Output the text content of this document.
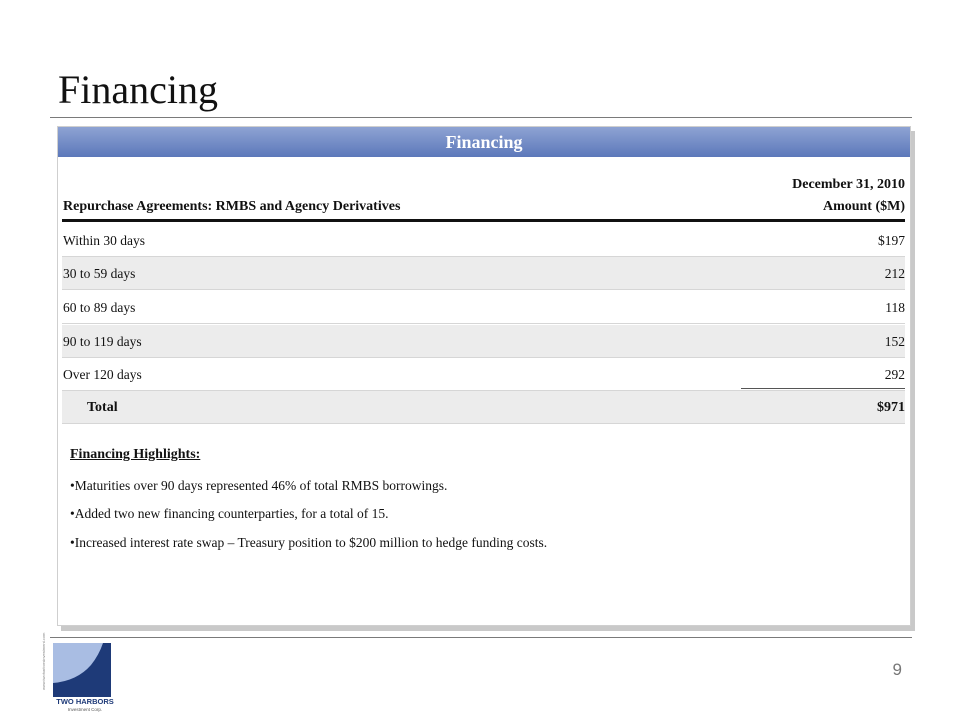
Financing
Financing
December 31, 2010
Repurchase Agreements: RMBS and Agency Derivatives	Amount ($M)
Within 30 days	$197
30 to 59 days	212
60 to 89 days	118
90 to 119 days	152
Over 120 days	292
Total	$971
Financing Highlights:
•Maturities over 90 days represented 46% of total RMBS borrowings.
•Added two new financing counterparties, for a total of 15.
•Increased interest rate swap – Treasury position to $200 million to hedge funding costs.
www.twoharborsinvestment.com
TWO HARBORS
Investment Corp.
9
